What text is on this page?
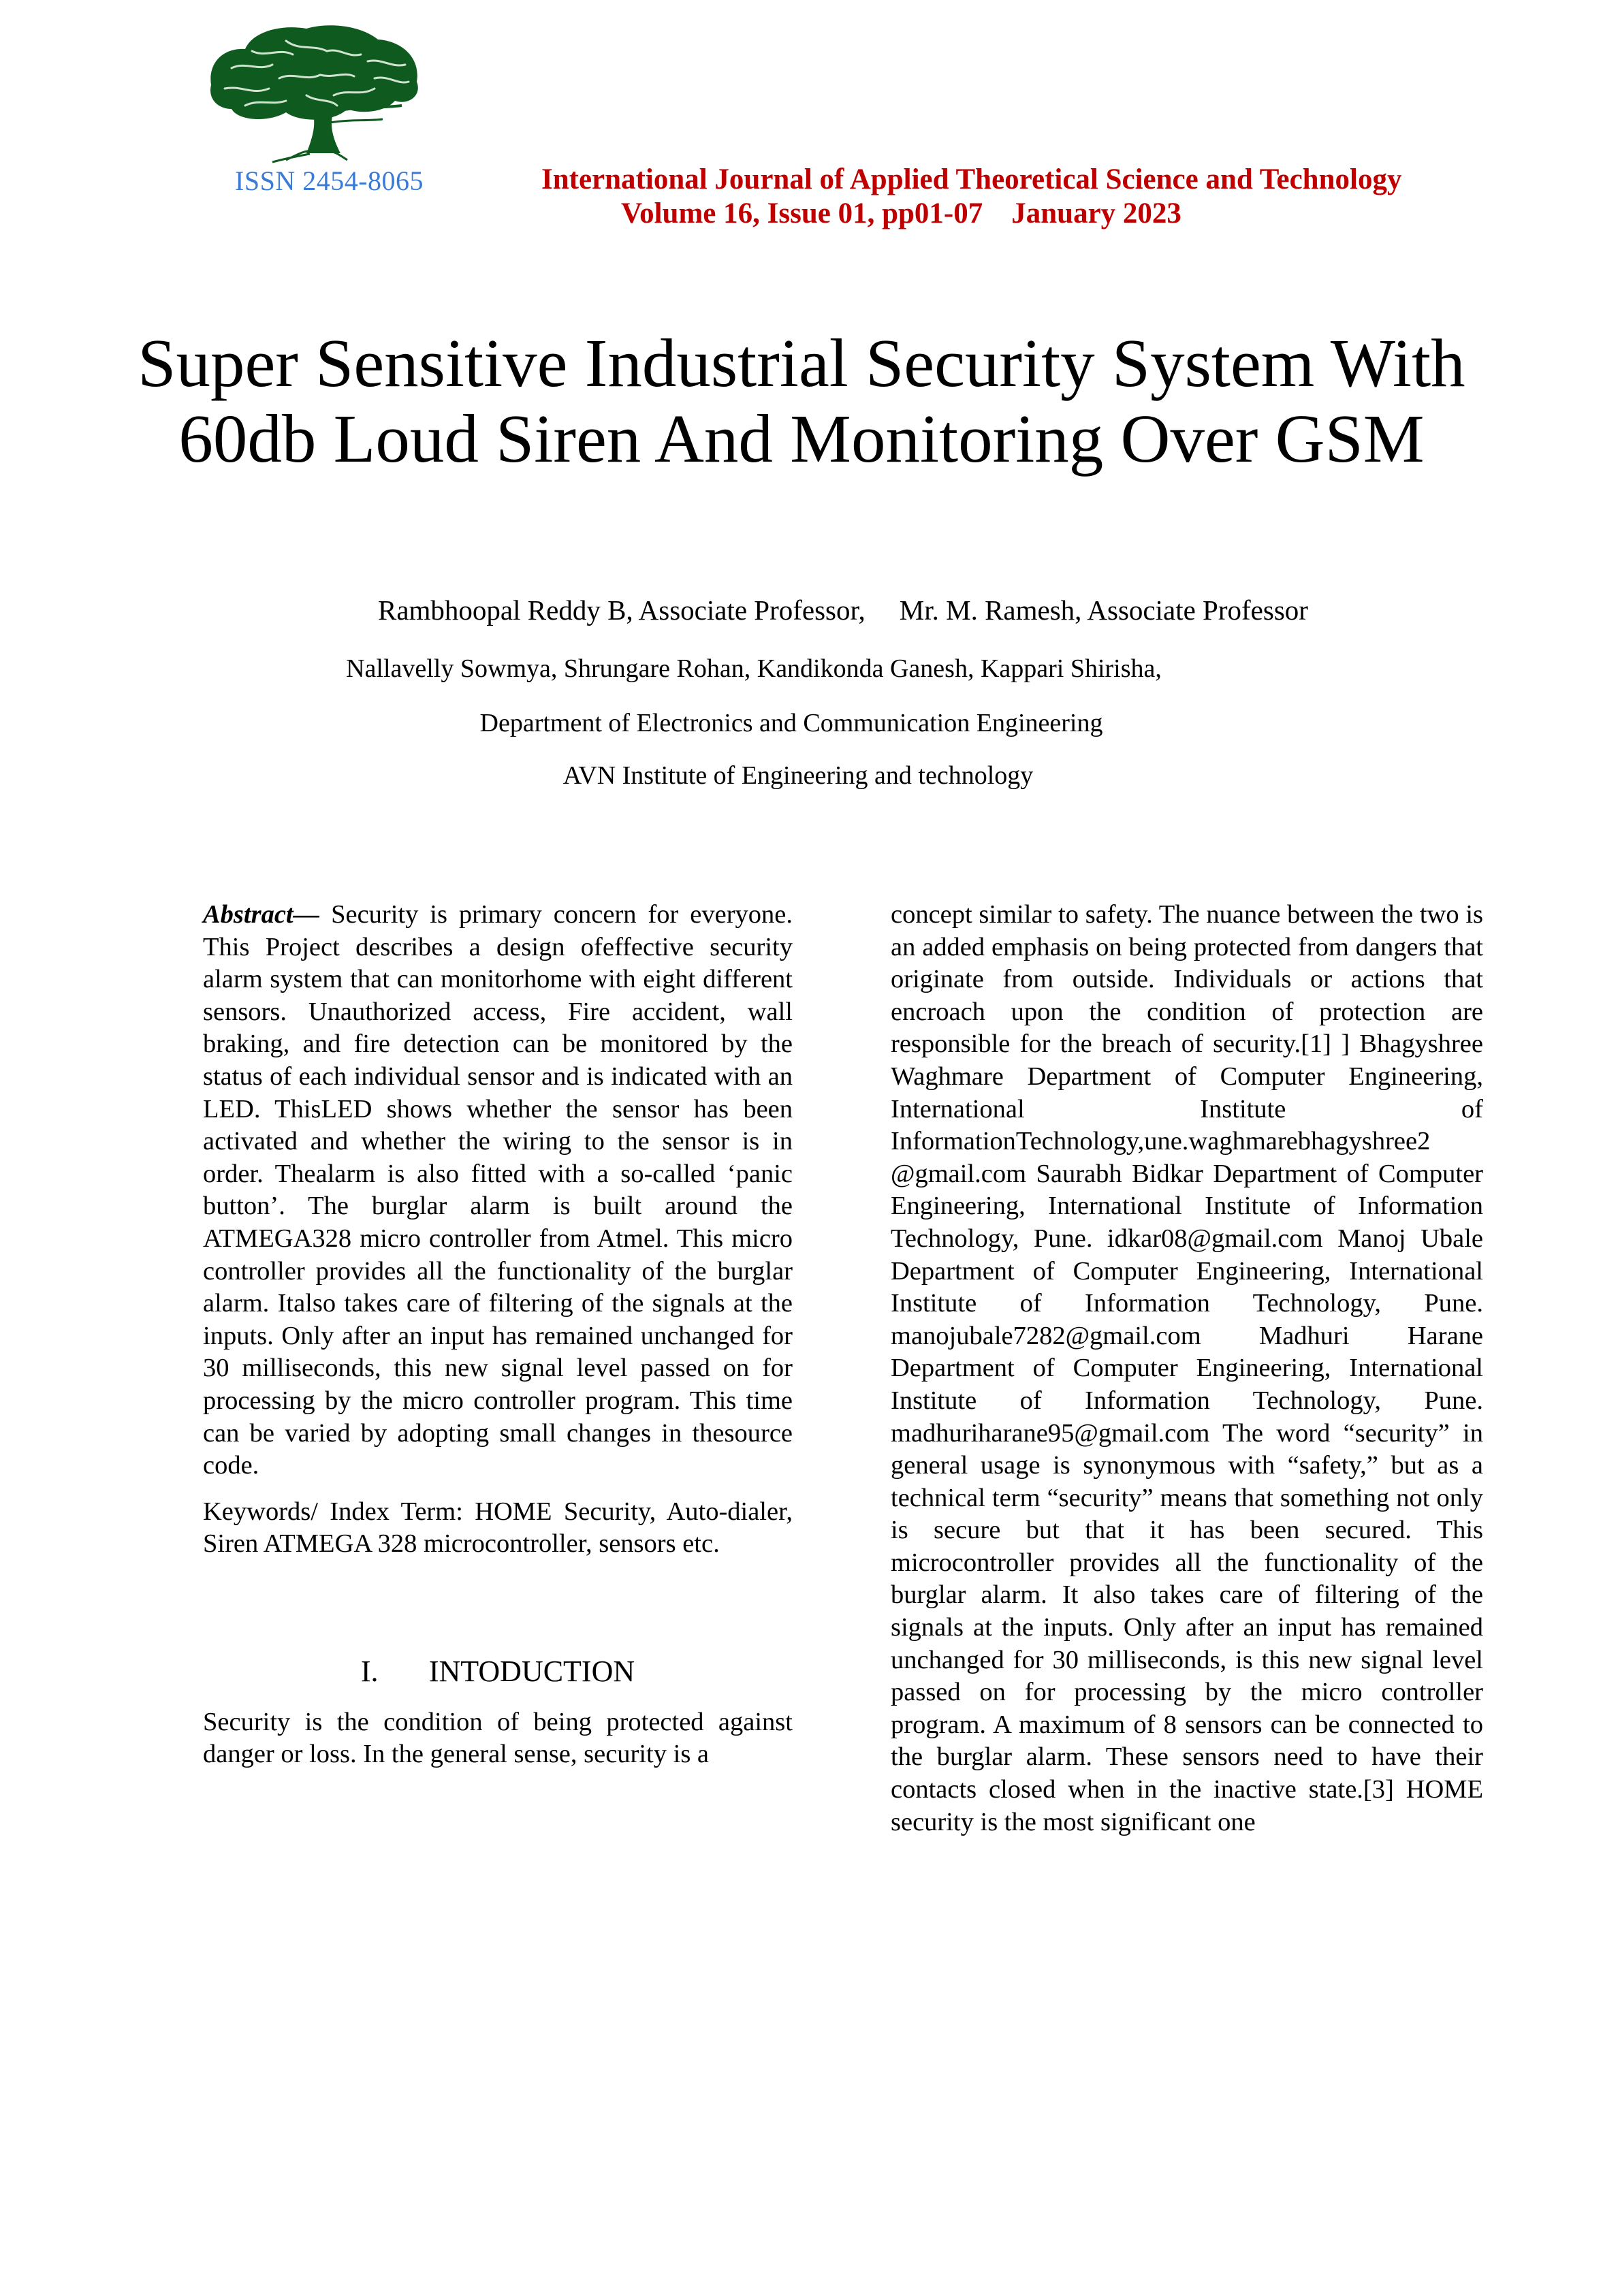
ISSN 2454-8065	International Journal of Applied Theoretical Science and Technology
Volume 16, Issue 01, pp01-07 January 2023
Super Sensitive Industrial Security System With 60db Loud Siren And Monitoring Over GSM
Rambhoopal Reddy B, Associate Professor, Mr. M. Ramesh, Associate Professor
Nallavelly Sowmya, Shrungare Rohan, Kandikonda Ganesh, Kappari Shirisha,
Department of Electronics and Communication Engineering
AVN Institute of Engineering and technology

Abstract— Security is primary concern for everyone. This Project describes a design ofeffective security alarm system that can monitorhome with eight different sensors. Unauthorized access, Fire accident, wall braking, and fire detection can be monitored by the status of each individual sensor and is indicated with an LED. ThisLED shows whether the sensor has been activated and whether the wiring to the sensor is in order. Thealarm is also fitted with a so-called ‘panic button’. The burglar alarm is built around the ATMEGA328 micro controller from Atmel. This micro controller provides all the functionality of the burglar alarm. Italso takes care of filtering of the signals at the inputs. Only after an input has remained unchanged for 30 milliseconds, this new signal level passed on for processing by the micro controller program. This time can be varied by adopting small changes in thesource code.

Keywords/ Index Term: HOME Security, Auto-dialer, Siren ATMEGA 328 microcontroller, sensors etc.

I. INTODUCTION

Security is the condition of being protected against danger or loss. In the general sense, security is a

concept similar to safety. The nuance between the two is an added emphasis on being protected from dangers that originate from outside. Individuals or actions that encroach upon the condition of protection are responsible for the breach of security.[1] ] Bhagyshree Waghmare Department of Computer Engineering, International Institute of InformationTechnology,une.waghmarebhagyshree2 @gmail.com Saurabh Bidkar Department of Computer Engineering, International Institute of Information Technology, Pune. idkar08@gmail.com Manoj Ubale Department of Computer Engineering, International Institute of Information Technology, Pune. manojubale7282@gmail.com Madhuri Harane Department of Computer Engineering, International Institute of Information Technology, Pune. madhuriharane95@gmail.com The word “security” in general usage is synonymous with “safety,” but as a technical term “security” means that something not only is secure but that it has been secured. This microcontroller provides all the functionality of the burglar alarm. It also takes care of filtering of the signals at the inputs. Only after an input has remained unchanged for 30 milliseconds, is this new signal level passed on for processing by the micro controller program. A maximum of 8 sensors can be connected to the burglar alarm. These sensors need to have their contacts closed when in the inactive state.[3] HOME security is the most significant one
